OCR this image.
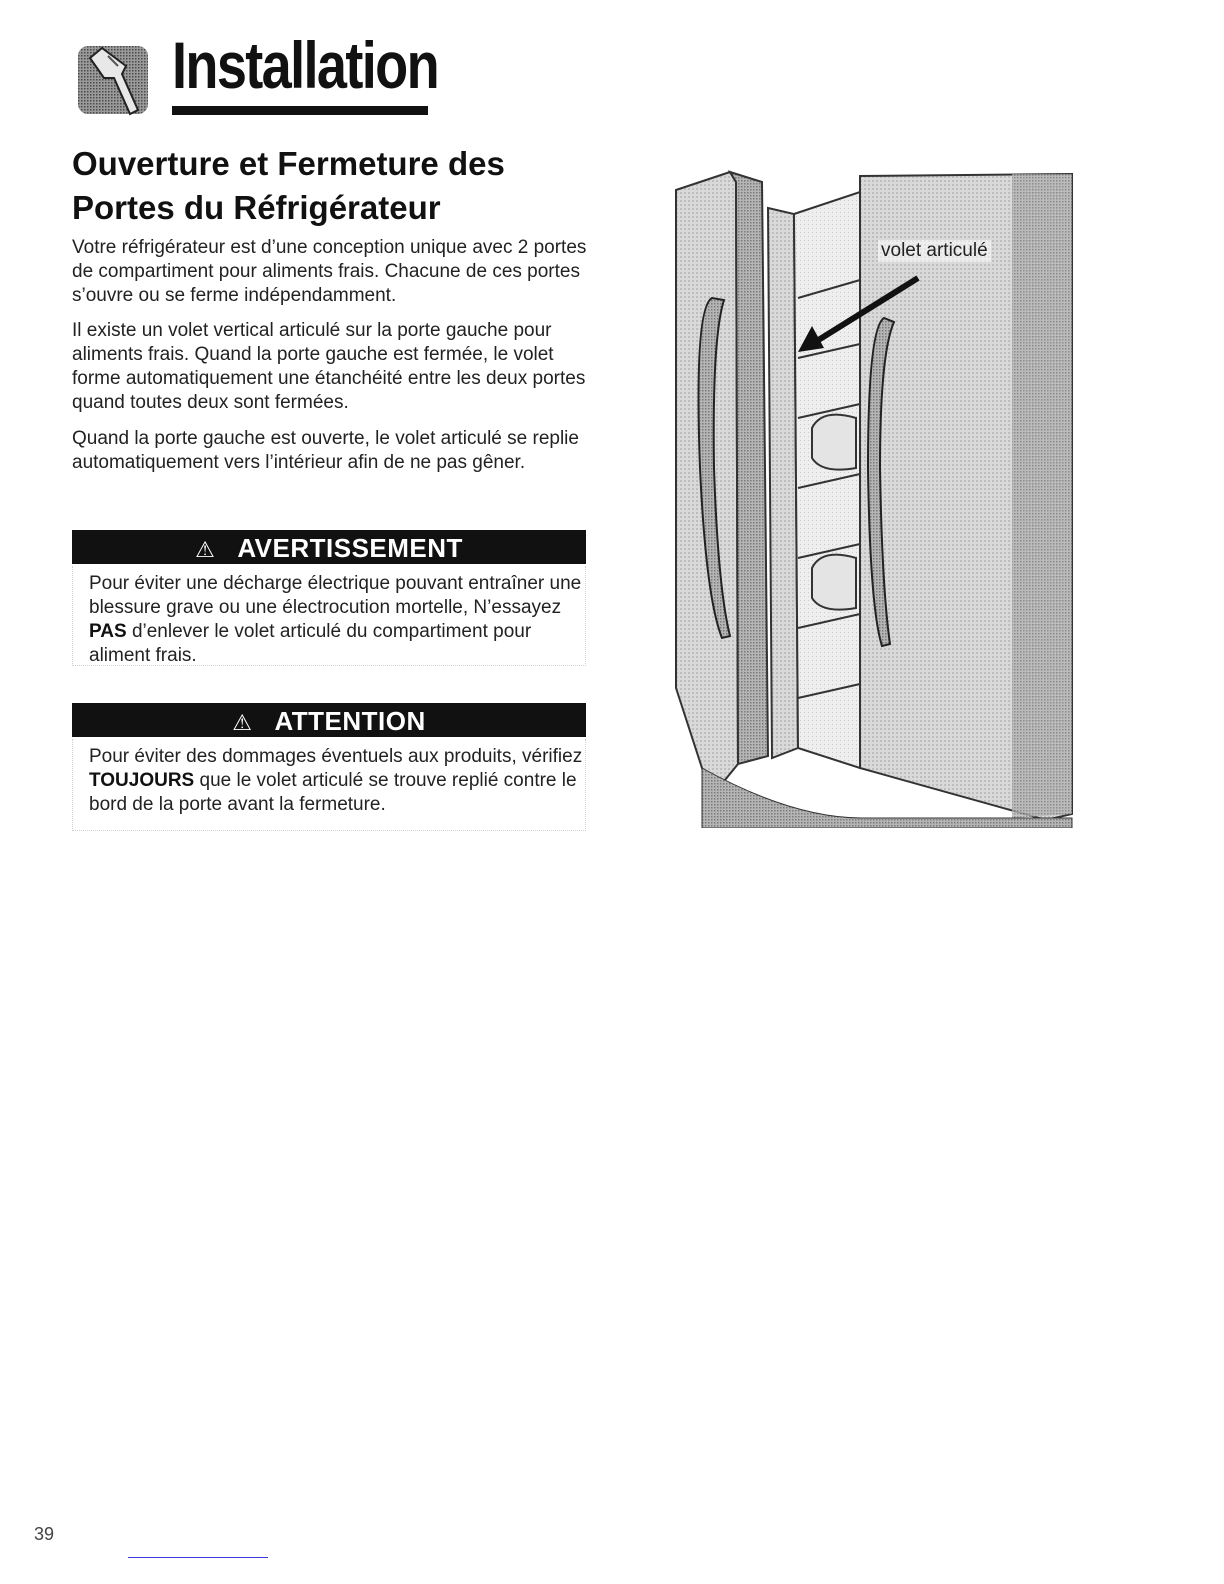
Installation
Ouverture et Fermeture des
Portes du Réfrigérateur

Votre réfrigérateur est d’une conception unique avec 2 portes de compartiment pour aliments frais. Chacune de ces portes s’ouvre ou se ferme indépendamment.

Il existe un volet vertical articulé sur la porte gauche pour aliments frais. Quand la porte gauche est fermée, le volet forme automatiquement une étanchéité entre les deux portes quand toutes deux sont fermées.

Quand la porte gauche est ouverte, le volet articulé se replie automatiquement vers l’intérieur afin de ne pas gêner.

⚠ AVERTISSEMENT
Pour éviter une décharge électrique pouvant entraîner une blessure grave ou une électrocution mortelle, N’essayez PAS d’enlever le volet articulé du compartiment pour aliment frais.
⚠ ATTENTION
Pour éviter des dommages éventuels aux produits, vérifiez TOUJOURS que le volet articulé se trouve replié contre le bord de la porte avant la fermeture.
volet articulé
39
